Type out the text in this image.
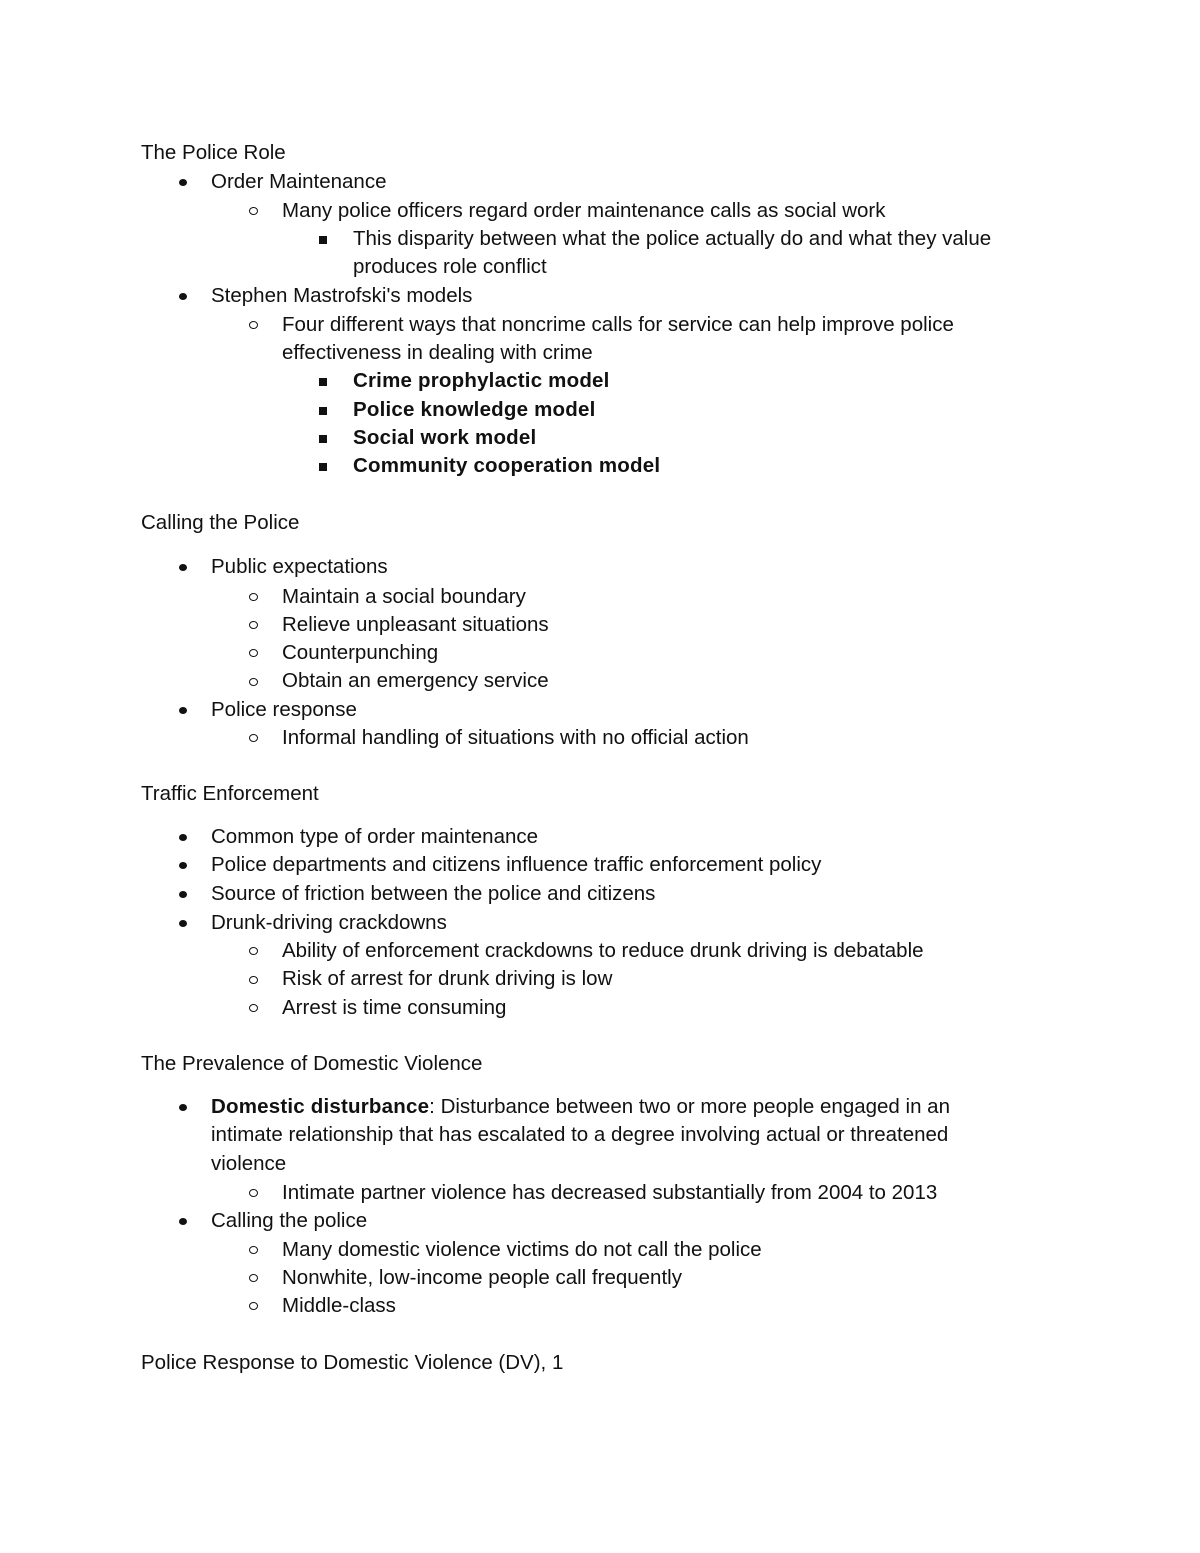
The Police Role
Order Maintenance
Many police officers regard order maintenance calls as social work
This disparity between what the police actually do and what they value
produces role conflict
Stephen Mastrofski's models
Four different ways that noncrime calls for service can help improve police
effectiveness in dealing with crime
Crime prophylactic model
Police knowledge model
Social work model
Community cooperation model
Calling the Police
Public expectations
Maintain a social boundary
Relieve unpleasant situations
Counterpunching
Obtain an emergency service
Police response
Informal handling of situations with no official action
Traffic Enforcement
Common type of order maintenance
Police departments and citizens influence traffic enforcement policy
Source of friction between the police and citizens
Drunk-driving crackdowns
Ability of enforcement crackdowns to reduce drunk driving is debatable
Risk of arrest for drunk driving is low
Arrest is time consuming
The Prevalence of Domestic Violence
Domestic disturbance: Disturbance between two or more people engaged in an
intimate relationship that has escalated to a degree involving actual or threatened
violence
Intimate partner violence has decreased substantially from 2004 to 2013
Calling the police
Many domestic violence victims do not call the police
Nonwhite, low-income people call frequently
Middle-class
Police Response to Domestic Violence (DV), 1
